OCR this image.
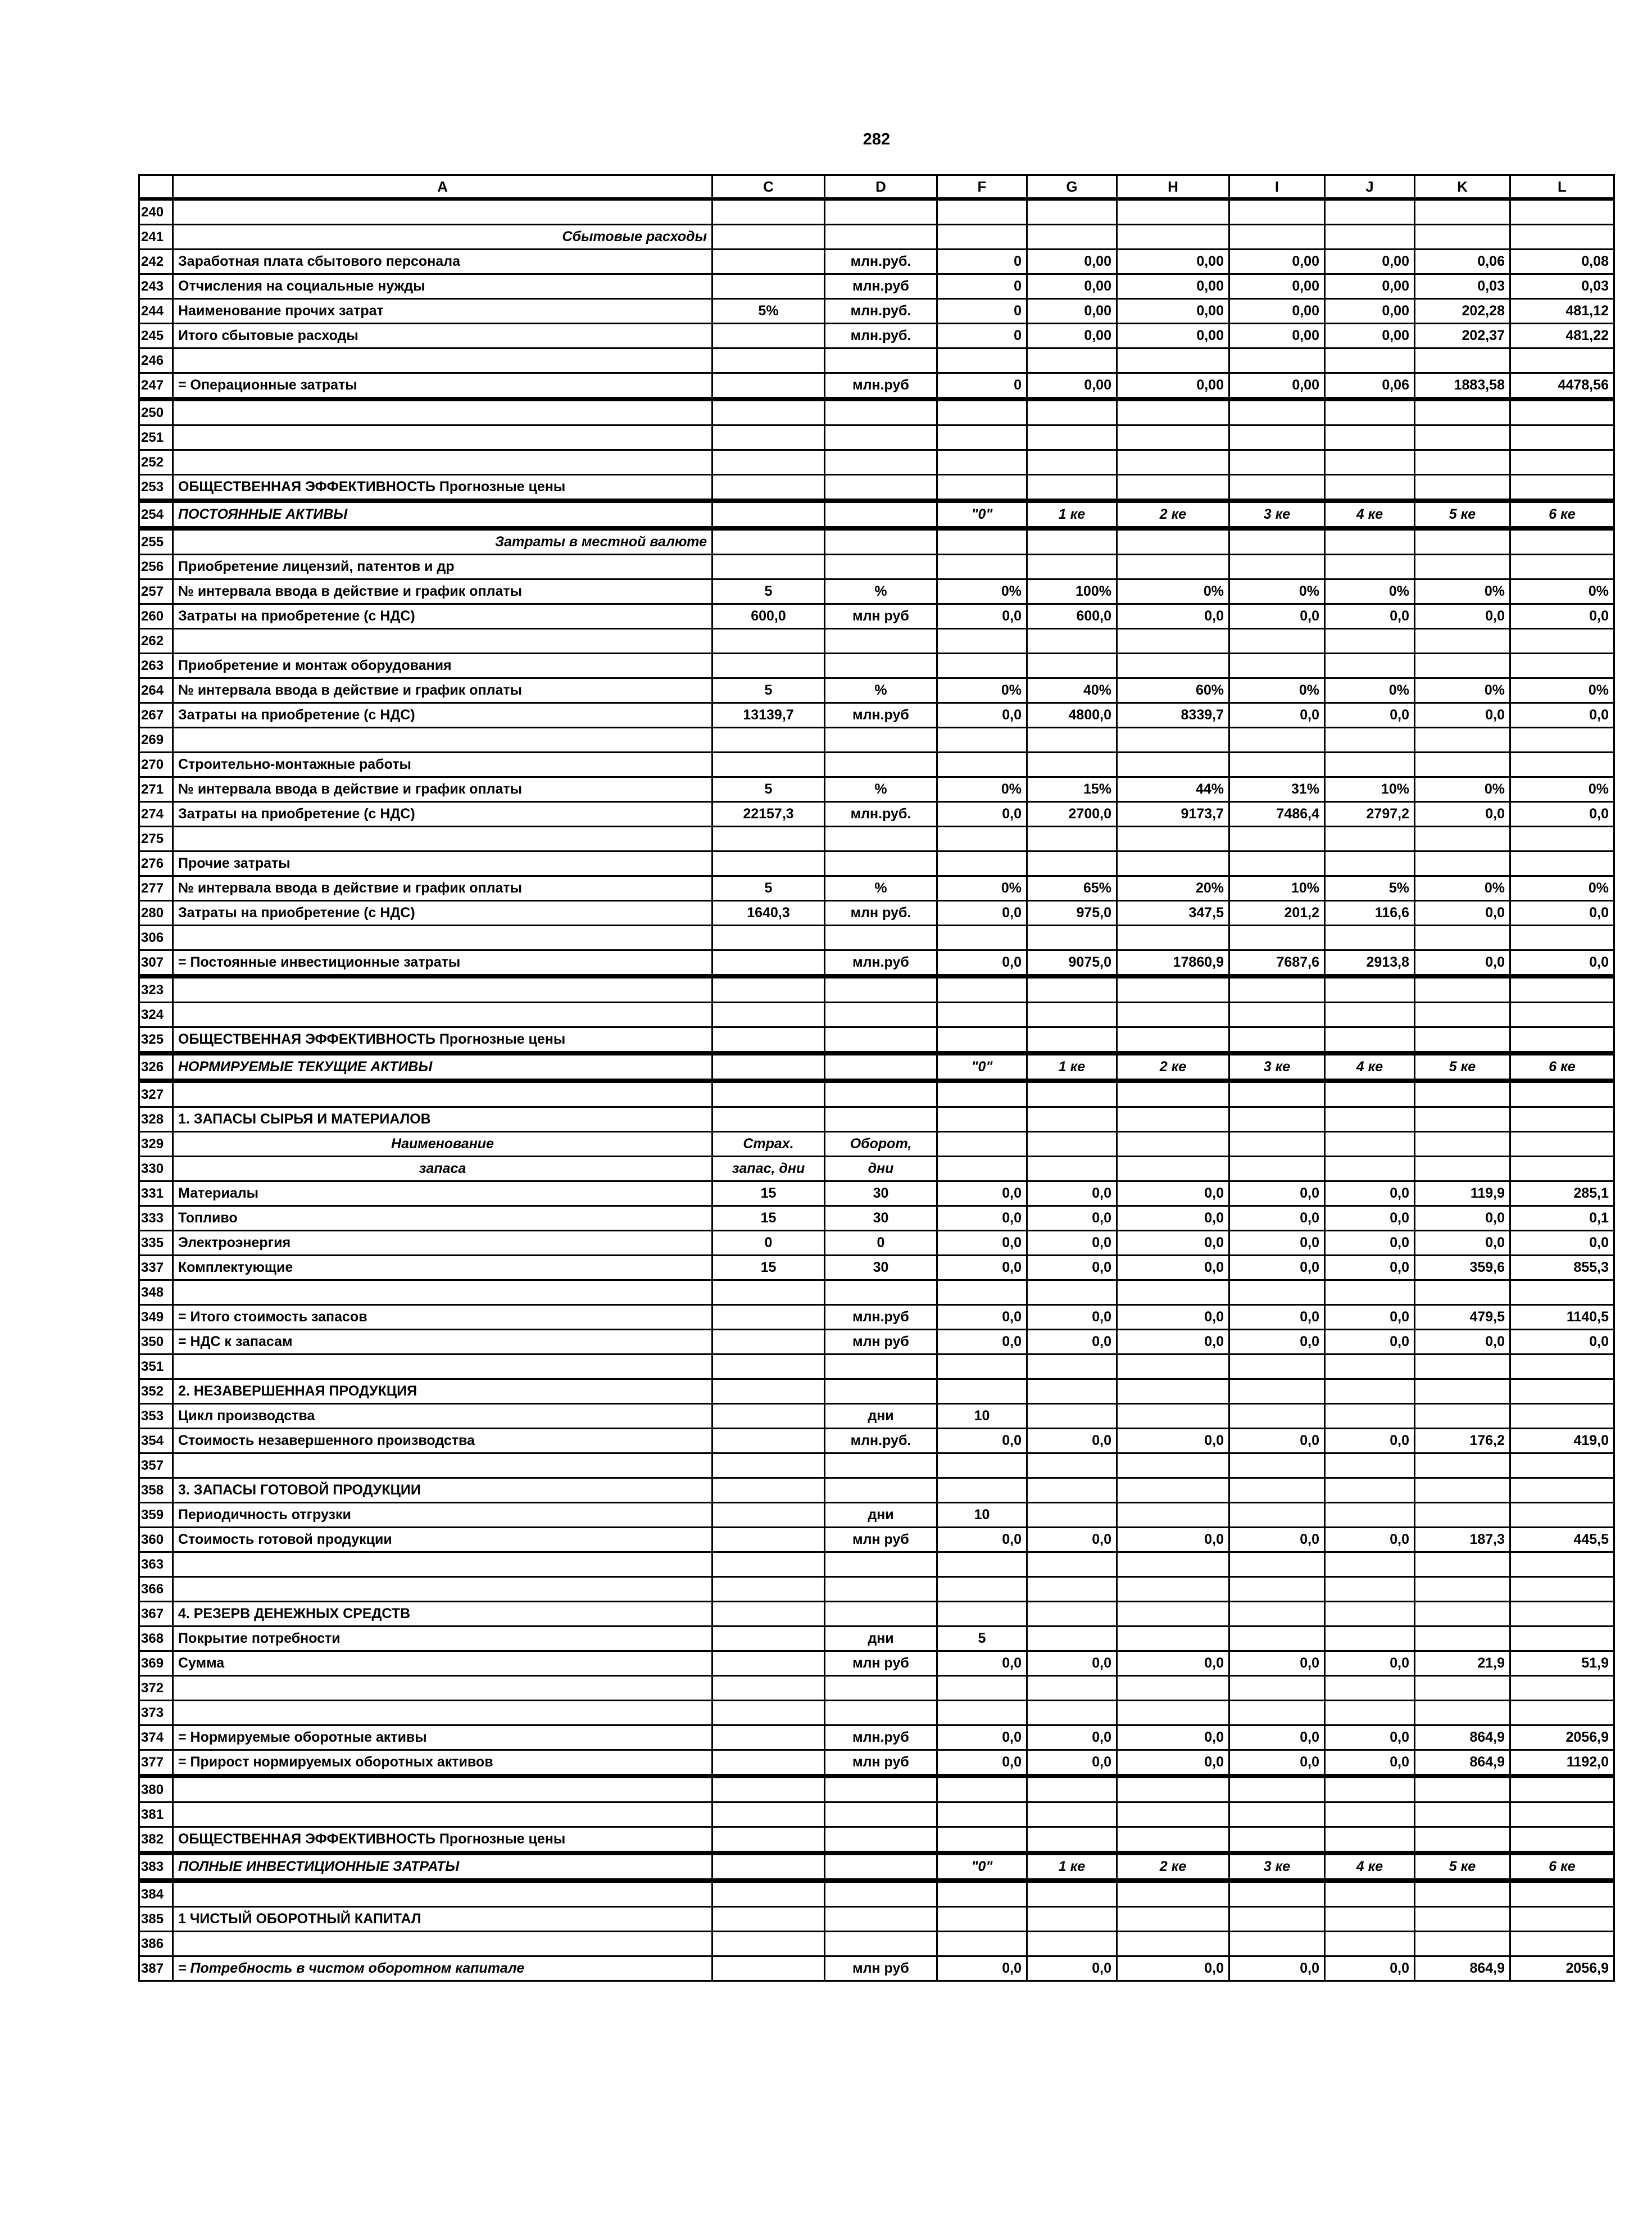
282
	A	C	D	F	G	H	I	J	K	L
240										
241	Сбытовые расходы									
242	Заработная плата сбытового персонала		млн.руб.	0	0,00	0,00	0,00	0,00	0,06	0,08
243	Отчисления на социальные нужды		млн.руб	0	0,00	0,00	0,00	0,00	0,03	0,03
244	Наименование прочих затрат	5%	млн.руб.	0	0,00	0,00	0,00	0,00	202,28	481,12
245	Итого сбытовые расходы		млн.руб.	0	0,00	0,00	0,00	0,00	202,37	481,22
246										
247	= Операционные затраты		млн.руб	0	0,00	0,00	0,00	0,06	1883,58	4478,56
250										
251										
252										
253	ОБЩЕСТВЕННАЯ ЭФФЕКТИВНОСТЬ Прогнозные цены									
254	ПОСТОЯННЫЕ АКТИВЫ			"0"	1 ке	2 ке	3 ке	4 ке	5 ке	6 ке
255	Затраты в местной валюте									
256	Приобретение лицензий, патентов и др									
257	№ интервала ввода в действие и график оплаты	5	%	0%	100%	0%	0%	0%	0%	0%
260	Затраты на приобретение (с НДС)	600,0	млн руб	0,0	600,0	0,0	0,0	0,0	0,0	0,0
262										
263	Приобретение и монтаж оборудования									
264	№ интервала ввода в действие и график оплаты	5	%	0%	40%	60%	0%	0%	0%	0%
267	Затраты на приобретение (с НДС)	13139,7	млн.руб	0,0	4800,0	8339,7	0,0	0,0	0,0	0,0
269										
270	Строительно-монтажные работы									
271	№ интервала ввода в действие и график оплаты	5	%	0%	15%	44%	31%	10%	0%	0%
274	Затраты на приобретение (с НДС)	22157,3	млн.руб.	0,0	2700,0	9173,7	7486,4	2797,2	0,0	0,0
275										
276	Прочие затраты									
277	№ интервала ввода в действие и график оплаты	5	%	0%	65%	20%	10%	5%	0%	0%
280	Затраты на приобретение (с НДС)	1640,3	млн руб.	0,0	975,0	347,5	201,2	116,6	0,0	0,0
306										
307	= Постоянные инвестиционные затраты		млн.руб	0,0	9075,0	17860,9	7687,6	2913,8	0,0	0,0
323										
324										
325	ОБЩЕСТВЕННАЯ ЭФФЕКТИВНОСТЬ Прогнозные цены									
326	НОРМИРУЕМЫЕ ТЕКУЩИЕ АКТИВЫ			"0"	1 ке	2 ке	3 ке	4 ке	5 ке	6 ке
327										
328	1. ЗАПАСЫ СЫРЬЯ И МАТЕРИАЛОВ									
329	Наименование	Страх.	Оборот,							
330	запаса	запас, дни	дни							
331	Материалы	15	30	0,0	0,0	0,0	0,0	0,0	119,9	285,1
333	Топливо	15	30	0,0	0,0	0,0	0,0	0,0	0,0	0,1
335	Электроэнергия	0	0	0,0	0,0	0,0	0,0	0,0	0,0	0,0
337	Комплектующие	15	30	0,0	0,0	0,0	0,0	0,0	359,6	855,3
348										
349	= Итого стоимость запасов		млн.руб	0,0	0,0	0,0	0,0	0,0	479,5	1140,5
350	= НДС к запасам		млн руб	0,0	0,0	0,0	0,0	0,0	0,0	0,0
351										
352	2. НЕЗАВЕРШЕННАЯ ПРОДУКЦИЯ									
353	Цикл производства		дни	10						
354	Стоимость незавершенного производства		млн.руб.	0,0	0,0	0,0	0,0	0,0	176,2	419,0
357										
358	3. ЗАПАСЫ ГОТОВОЙ ПРОДУКЦИИ									
359	Периодичность отгрузки		дни	10						
360	Стоимость готовой продукции		млн руб	0,0	0,0	0,0	0,0	0,0	187,3	445,5
363										
366										
367	4. РЕЗЕРВ ДЕНЕЖНЫХ СРЕДСТВ									
368	Покрытие потребности		дни	5						
369	Сумма		млн руб	0,0	0,0	0,0	0,0	0,0	21,9	51,9
372										
373										
374	= Нормируемые оборотные активы		млн.руб	0,0	0,0	0,0	0,0	0,0	864,9	2056,9
377	= Прирост нормируемых оборотных активов		млн руб	0,0	0,0	0,0	0,0	0,0	864,9	1192,0
380										
381										
382	ОБЩЕСТВЕННАЯ ЭФФЕКТИВНОСТЬ Прогнозные цены									
383	ПОЛНЫЕ ИНВЕСТИЦИОННЫЕ ЗАТРАТЫ			"0"	1 ке	2 ке	3 ке	4 ке	5 ке	6 ке
384										
385	1 ЧИСТЫЙ ОБОРОТНЫЙ КАПИТАЛ									
386										
387	= Потребность в чистом оборотном капитале		млн руб	0,0	0,0	0,0	0,0	0,0	864,9	2056,9
